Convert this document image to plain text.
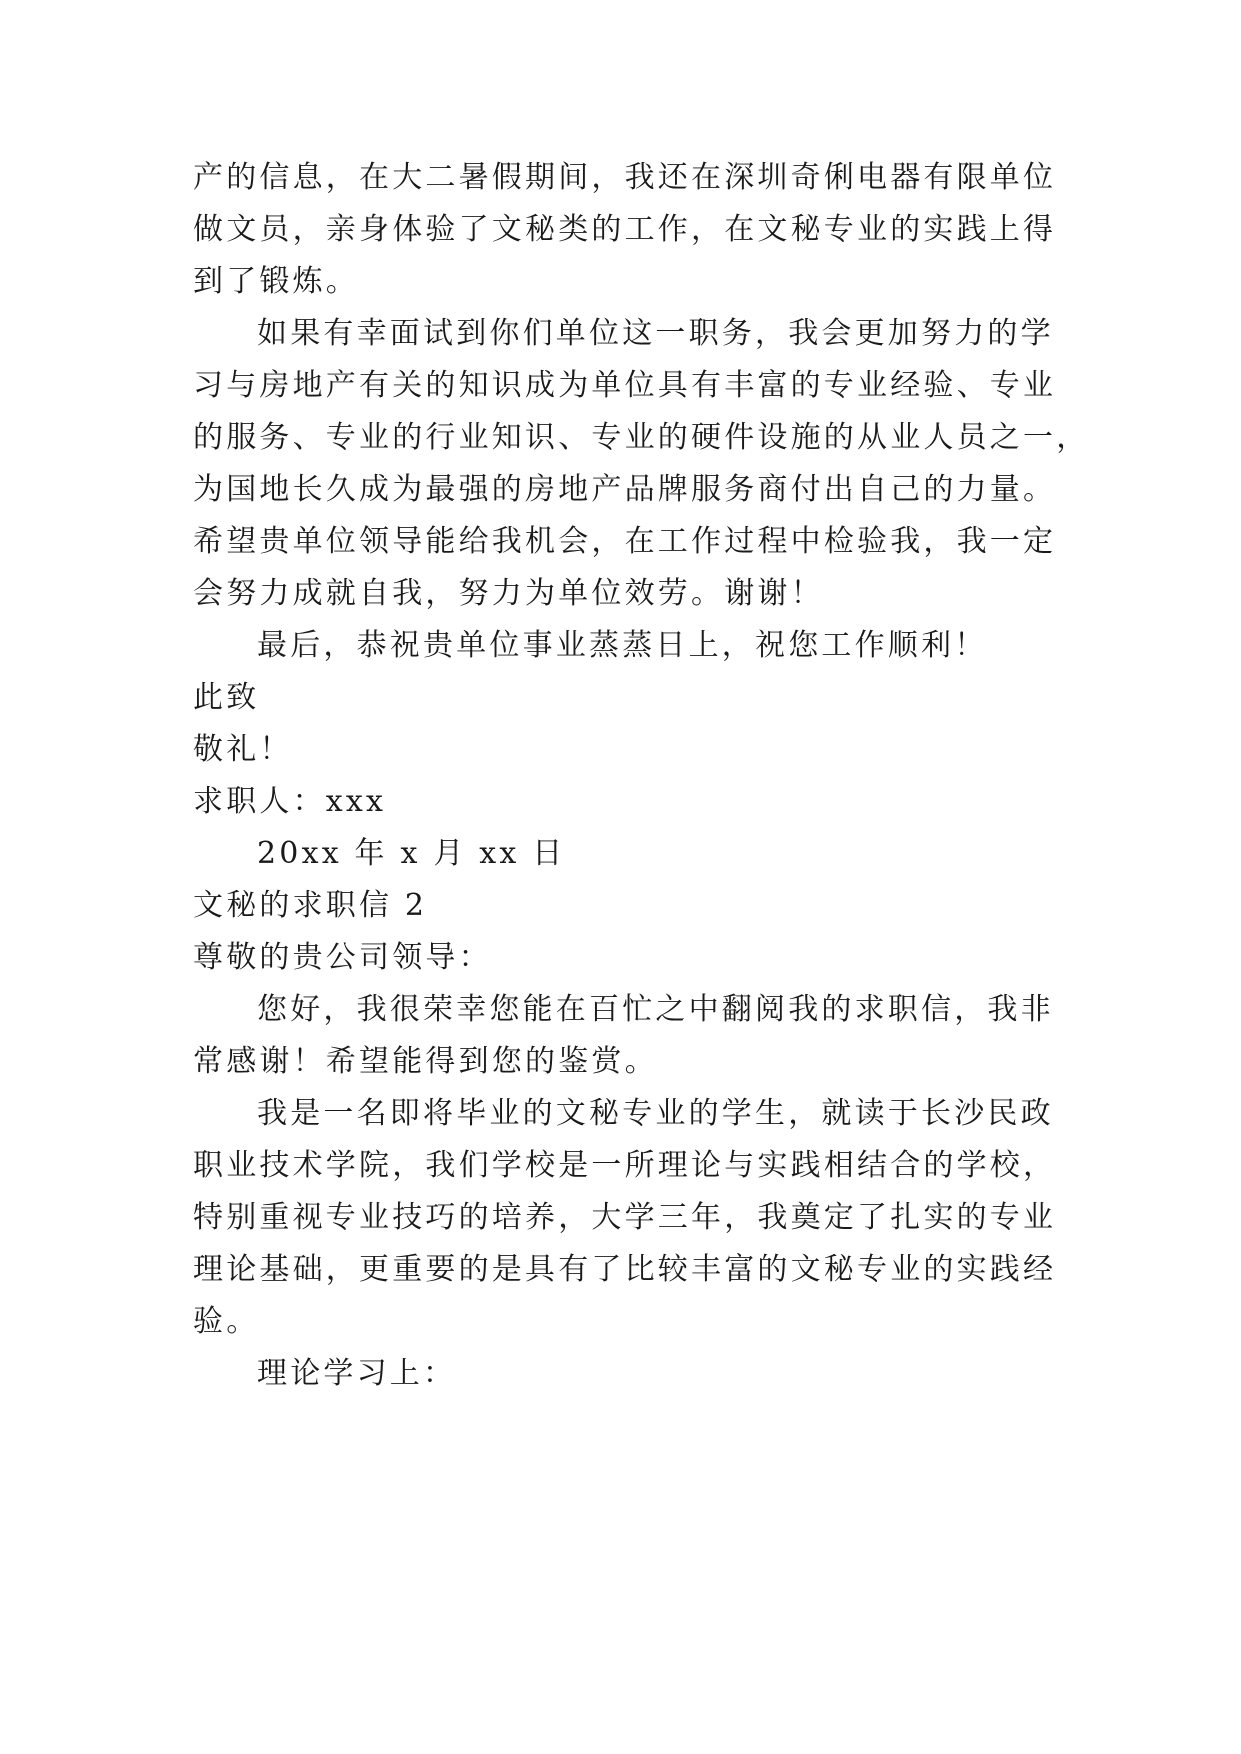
产的信息，在大二暑假期间，我还在深圳奇俐电器有限单位
做文员，亲身体验了文秘类的工作，在文秘专业的实践上得
到了锻炼。
如果有幸面试到你们单位这一职务，我会更加努力的学
习与房地产有关的知识成为单位具有丰富的专业经验、专业
的服务、专业的行业知识、专业的硬件设施的从业人员之一，
为国地长久成为最强的房地产品牌服务商付出自己的力量。
希望贵单位领导能给我机会，在工作过程中检验我，我一定
会努力成就自我，努力为单位效劳。谢谢！
最后，恭祝贵单位事业蒸蒸日上，祝您工作顺利！
此致
敬礼！
求职人：xxx
20xx 年 x 月 xx 日
文秘的求职信 2
尊敬的贵公司领导：
您好，我很荣幸您能在百忙之中翻阅我的求职信，我非
常感谢！希望能得到您的鉴赏。
我是一名即将毕业的文秘专业的学生，就读于长沙民政
职业技术学院，我们学校是一所理论与实践相结合的学校，
特别重视专业技巧的培养，大学三年，我奠定了扎实的专业
理论基础，更重要的是具有了比较丰富的文秘专业的实践经
验。
理论学习上：
